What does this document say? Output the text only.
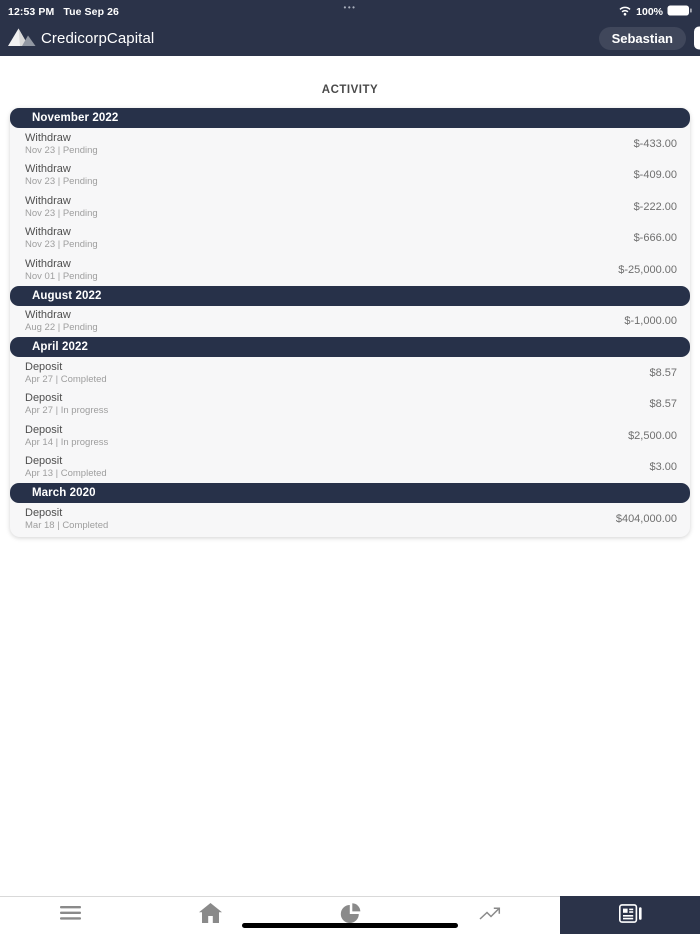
12:53 PM Tue Sep 26	•••	100%
CredicorpCapital	Sebastian
ACTIVITY
November 2022
Withdraw
Nov 23 | Pending
$-433.00
Withdraw
Nov 23 | Pending
$-409.00
Withdraw
Nov 23 | Pending
$-222.00
Withdraw
Nov 23 | Pending
$-666.00
Withdraw
Nov 01 | Pending
$-25,000.00
August 2022
Withdraw
Aug 22 | Pending
$-1,000.00
April 2022
Deposit
Apr 27 | Completed
$8.57
Deposit
Apr 27 | In progress
$8.57
Deposit
Apr 14 | In progress
$2,500.00
Deposit
Apr 13 | Completed
$3.00
March 2020
Deposit
Mar 18 | Completed
$404,000.00
